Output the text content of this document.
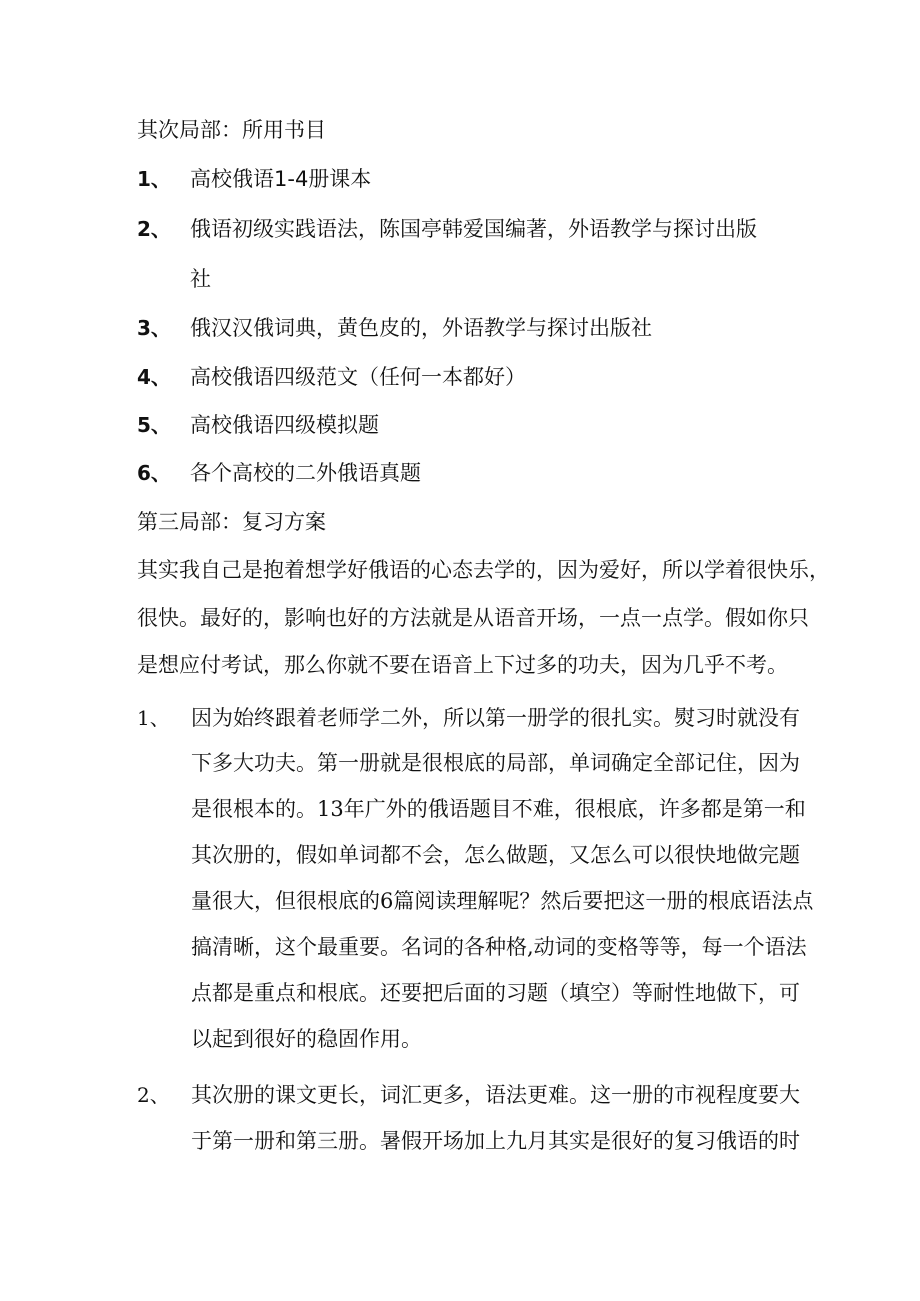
其次局部：所用书目
1、 高校俄语1-4册课本
2、 俄语初级实践语法，陈国亭韩爱国编著，外语教学与探讨出版
社
3、 俄汉汉俄词典，黄色皮的，外语教学与探讨出版社
4、 高校俄语四级范文（任何一本都好）
5、 高校俄语四级模拟题
6、 各个高校的二外俄语真题
第三局部：复习方案
其实我自己是抱着想学好俄语的心态去学的，因为爱好，所以学着很快乐，
很快。最好的，影响也好的方法就是从语音开场，一点一点学。假如你只
是想应付考试，那么你就不要在语音上下过多的功夫，因为几乎不考。
1、 因为始终跟着老师学二外，所以第一册学的很扎实。熨习时就没有
下多大功夫。第一册就是很根底的局部，单词确定全部记住，因为
是很根本的。13年广外的俄语题目不难，很根底，许多都是第一和
其次册的，假如单词都不会，怎么做题，又怎么可以很快地做完题
量很大，但很根底的6篇阅读理解呢？然后要把这一册的根底语法点
搞清晰，这个最重要。名词的各种格,动词的变格等等，每一个语法
点都是重点和根底。还要把后面的习题（填空）等耐性地做下，可
以起到很好的稳固作用。
2、 其次册的课文更长，词汇更多，语法更难。这一册的市视程度要大
于第一册和第三册。暑假开场加上九月其实是很好的复习俄语的时
